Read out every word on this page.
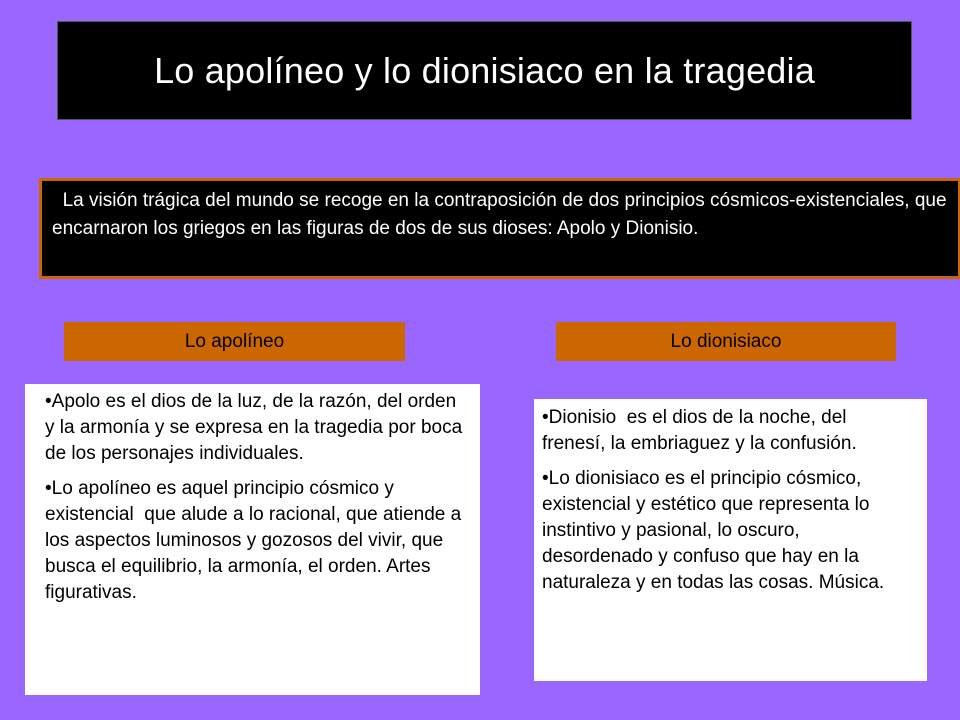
Lo apolíneo y lo dionisiaco en la tragedia
La visión trágica del mundo se recoge en la contraposición de dos principios cósmicos-existenciales, que encarnaron los griegos en las figuras de dos de sus dioses: Apolo y Dionisio.
Lo apolíneo	Lo dionisiaco

•Apolo es el dios de la luz, de la razón, del orden y la armonía y se expresa en la tragedia por boca de los personajes individuales.

•Lo apolíneo es aquel principio cósmico y existencial  que alude a lo racional, que atiende a los aspectos luminosos y gozosos del vivir, que busca el equilibrio, la armonía, el orden. Artes figurativas.

•Dionisio  es el dios de la noche, del frenesí, la embriaguez y la confusión.

•Lo dionisiaco es el principio cósmico, existencial y estético que representa lo instintivo y pasional, lo oscuro, desordenado y confuso que hay en la naturaleza y en todas las cosas. Música.
